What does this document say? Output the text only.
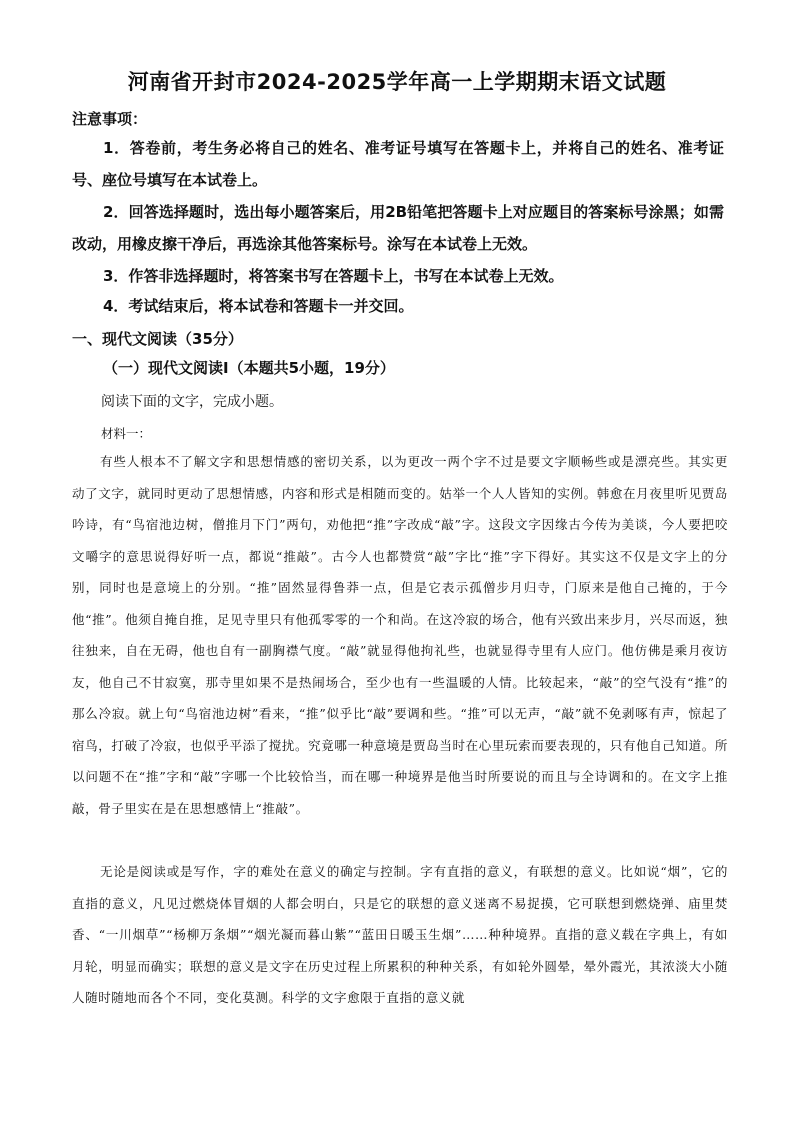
河南省开封市2024-2025学年高一上学期期末语文试题
注意事项：

1．答卷前，考生务必将自己的姓名、准考证号填写在答题卡上，并将自己的姓名、准考证号、座位号填写在本试卷上。

2．回答选择题时，选出每小题答案后，用2B铅笔把答题卡上对应题目的答案标号涂黑；如需改动，用橡皮擦干净后，再选涂其他答案标号。涂写在本试卷上无效。

3．作答非选择题时，将答案书写在答题卡上，书写在本试卷上无效。

4．考试结束后，将本试卷和答题卡一并交回。

一、现代文阅读（35分）
（一）现代文阅读Ⅰ（本题共5小题，19分）
阅读下面的文字，完成小题。
材料一：

有些人根本不了解文字和思想情感的密切关系，以为更改一两个字不过是要文字顺畅些或是漂亮些。其实更动了文字，就同时更动了思想情感，内容和形式是相随而变的。姑举一个人人皆知的实例。韩愈在月夜里听见贾岛吟诗，有“鸟宿池边树，僧推月下门”两句，劝他把“推”字改成“敲”字。这段文字因缘古今传为美谈，今人要把咬文嚼字的意思说得好听一点，都说“推敲”。古今人也都赞赏“敲”字比“推”字下得好。其实这不仅是文字上的分别，同时也是意境上的分别。“推”固然显得鲁莽一点，但是它表示孤僧步月归寺，门原来是他自己掩的，于今他“推”。他须自掩自推，足见寺里只有他孤零零的一个和尚。在这冷寂的场合，他有兴致出来步月，兴尽而返，独往独来，自在无碍，他也自有一副胸襟气度。“敲”就显得他拘礼些，也就显得寺里有人应门。他仿佛是乘月夜访友，他自己不甘寂寞，那寺里如果不是热闹场合，至少也有一些温暖的人情。比较起来，“敲”的空气没有“推”的那么冷寂。就上句“鸟宿池边树”看来，“推”似乎比“敲”要调和些。“推”可以无声，“敲”就不免剥啄有声，惊起了宿鸟，打破了冷寂，也似乎平添了搅扰。究竟哪一种意境是贾岛当时在心里玩索而要表现的，只有他自己知道。所以问题不在“推”字和“敲”字哪一个比较恰当，而在哪一种境界是他当时所要说的而且与全诗调和的。在文字上推敲，骨子里实在是在思想感情上“推敲”。

无论是阅读或是写作，字的难处在意义的确定与控制。字有直指的意义，有联想的意义。比如说“烟”，它的直指的意义，凡见过燃烧体冒烟的人都会明白，只是它的联想的意义迷离不易捉摸，它可联想到燃烧弹、庙里焚香、“一川烟草”“杨柳万条烟”“烟光凝而暮山紫”“蓝田日暖玉生烟”……种种境界。直指的意义载在字典上，有如月轮，明显而确实；联想的意义是文字在历史过程上所累积的种种关系，有如轮外圆晕，晕外霞光，其浓淡大小随人随时随地而各个不同，变化莫测。科学的文字愈限于直指的意义就
